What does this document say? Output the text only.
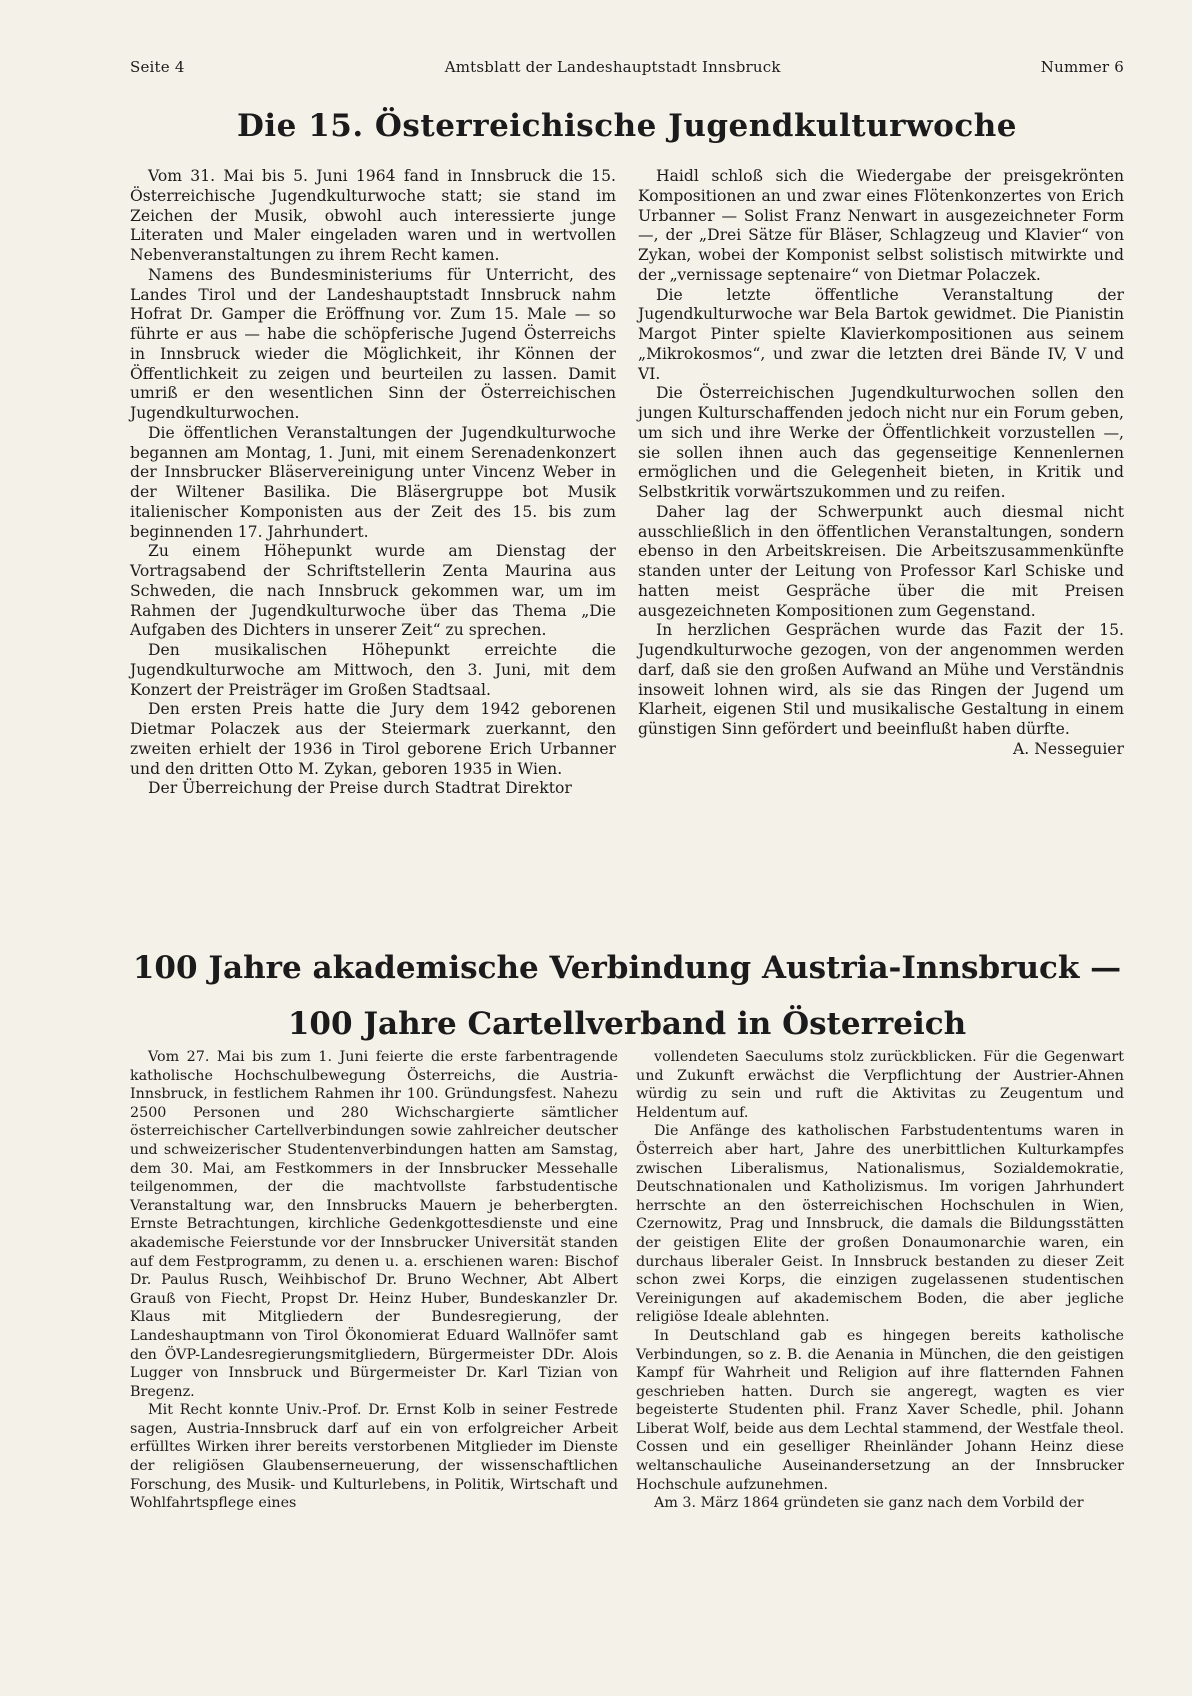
Seite 4	Amtsblatt der Landeshauptstadt Innsbruck	Nummer 6
Die 15. Österreichische Jugendkulturwoche

Vom 31. Mai bis 5. Juni 1964 fand in Innsbruck die 15. Österreichische Jugendkulturwoche statt; sie stand im Zeichen der Musik, obwohl auch interessierte junge Literaten und Maler eingeladen waren und in wertvollen Nebenveranstaltungen zu ihrem Recht kamen.

Namens des Bundesministeriums für Unterricht, des Landes Tirol und der Landeshauptstadt Innsbruck nahm Hofrat Dr. Gamper die Eröffnung vor. Zum 15. Male — so führte er aus — habe die schöpferische Jugend Österreichs in Innsbruck wieder die Möglichkeit, ihr Können der Öffentlichkeit zu zeigen und beurteilen zu lassen. Damit umriß er den wesentlichen Sinn der Österreichischen Jugendkulturwochen.

Die öffentlichen Veranstaltungen der Jugendkulturwoche begannen am Montag, 1. Juni, mit einem Serenadenkonzert der Innsbrucker Bläservereinigung unter Vincenz Weber in der Wiltener Basilika. Die Bläsergruppe bot Musik italienischer Komponisten aus der Zeit des 15. bis zum beginnenden 17. Jahrhundert.

Zu einem Höhepunkt wurde am Dienstag der Vortragsabend der Schriftstellerin Zenta Maurina aus Schweden, die nach Innsbruck gekommen war, um im Rahmen der Jugendkulturwoche über das Thema „Die Aufgaben des Dichters in unserer Zeit“ zu sprechen.

Den musikalischen Höhepunkt erreichte die Jugendkulturwoche am Mittwoch, den 3. Juni, mit dem Konzert der Preisträger im Großen Stadtsaal.

Den ersten Preis hatte die Jury dem 1942 geborenen Dietmar Polaczek aus der Steiermark zuerkannt, den zweiten erhielt der 1936 in Tirol geborene Erich Urbanner und den dritten Otto M. Zykan, geboren 1935 in Wien.

Der Überreichung der Preise durch Stadtrat Direktor

Haidl schloß sich die Wiedergabe der preisgekrönten Kompositionen an und zwar eines Flötenkonzertes von Erich Urbanner — Solist Franz Nenwart in ausgezeichneter Form —, der „Drei Sätze für Bläser, Schlagzeug und Klavier“ von Zykan, wobei der Komponist selbst solistisch mitwirkte und der „vernissage septenaire“ von Dietmar Polaczek.

Die letzte öffentliche Veranstaltung der Jugendkulturwoche war Bela Bartok gewidmet. Die Pianistin Margot Pinter spielte Klavierkompositionen aus seinem „Mikrokosmos“, und zwar die letzten drei Bände IV, V und VI.

Die Österreichischen Jugendkulturwochen sollen den jungen Kulturschaffenden jedoch nicht nur ein Forum geben, um sich und ihre Werke der Öffentlichkeit vorzustellen —, sie sollen ihnen auch das gegenseitige Kennenlernen ermöglichen und die Gelegenheit bieten, in Kritik und Selbstkritik vorwärtszukommen und zu reifen.

Daher lag der Schwerpunkt auch diesmal nicht ausschließlich in den öffentlichen Veranstaltungen, sondern ebenso in den Arbeitskreisen. Die Arbeitszusammenkünfte standen unter der Leitung von Professor Karl Schiske und hatten meist Gespräche über die mit Preisen ausgezeichneten Kompositionen zum Gegenstand.

In herzlichen Gesprächen wurde das Fazit der 15. Jugendkulturwoche gezogen, von der angenommen werden darf, daß sie den großen Aufwand an Mühe und Verständnis insoweit lohnen wird, als sie das Ringen der Jugend um Klarheit, eigenen Stil und musikalische Gestaltung in einem günstigen Sinn gefördert und beeinflußt haben dürfte.
A. Nesseguier

100 Jahre akademische Verbindung Austria-Innsbruck —
100 Jahre Cartellverband in Österreich

Vom 27. Mai bis zum 1. Juni feierte die erste farbentragende katholische Hochschulbewegung Österreichs, die Austria-Innsbruck, in festlichem Rahmen ihr 100. Gründungsfest. Nahezu 2500 Personen und 280 Wichschargierte sämtlicher österreichischer Cartellverbindungen sowie zahlreicher deutscher und schweizerischer Studentenverbindungen hatten am Samstag, dem 30. Mai, am Festkommers in der Innsbrucker Messehalle teilgenommen, der die machtvollste farbstudentische Veranstaltung war, den Innsbrucks Mauern je beherbergten. Ernste Betrachtungen, kirchliche Gedenkgottesdienste und eine akademische Feierstunde vor der Innsbrucker Universität standen auf dem Festprogramm, zu denen u. a. erschienen waren: Bischof Dr. Paulus Rusch, Weihbischof Dr. Bruno Wechner, Abt Albert Grauß von Fiecht, Propst Dr. Heinz Huber, Bundeskanzler Dr. Klaus mit Mitgliedern der Bundesregierung, der Landeshauptmann von Tirol Ökonomierat Eduard Wallnöfer samt den ÖVP-Landesregierungsmitgliedern, Bürgermeister DDr. Alois Lugger von Innsbruck und Bürgermeister Dr. Karl Tizian von Bregenz.

Mit Recht konnte Univ.-Prof. Dr. Ernst Kolb in seiner Festrede sagen, Austria-Innsbruck darf auf ein von erfolgreicher Arbeit erfülltes Wirken ihrer bereits verstorbenen Mitglieder im Dienste der religiösen Glaubenserneuerung, der wissenschaftlichen Forschung, des Musik- und Kulturlebens, in Politik, Wirtschaft und Wohlfahrtspflege eines

vollendeten Saeculums stolz zurückblicken. Für die Gegenwart und Zukunft erwächst die Verpflichtung der Austrier-Ahnen würdig zu sein und ruft die Aktivitas zu Zeugentum und Heldentum auf.

Die Anfänge des katholischen Farbstudententums waren in Österreich aber hart, Jahre des unerbittlichen Kulturkampfes zwischen Liberalismus, Nationalismus, Sozialdemokratie, Deutschnationalen und Katholizismus. Im vorigen Jahrhundert herrschte an den österreichischen Hochschulen in Wien, Czernowitz, Prag und Innsbruck, die damals die Bildungsstätten der geistigen Elite der großen Donaumonarchie waren, ein durchaus liberaler Geist. In Innsbruck bestanden zu dieser Zeit schon zwei Korps, die einzigen zugelassenen studentischen Vereinigungen auf akademischem Boden, die aber jegliche religiöse Ideale ablehnten.

In Deutschland gab es hingegen bereits katholische Verbindungen, so z. B. die Aenania in München, die den geistigen Kampf für Wahrheit und Religion auf ihre flatternden Fahnen geschrieben hatten. Durch sie angeregt, wagten es vier begeisterte Studenten phil. Franz Xaver Schedle, phil. Johann Liberat Wolf, beide aus dem Lechtal stammend, der Westfale theol. Cossen und ein geselliger Rheinländer Johann Heinz diese weltanschauliche Auseinandersetzung an der Innsbrucker Hochschule aufzunehmen.

Am 3. März 1864 gründeten sie ganz nach dem Vorbild der
